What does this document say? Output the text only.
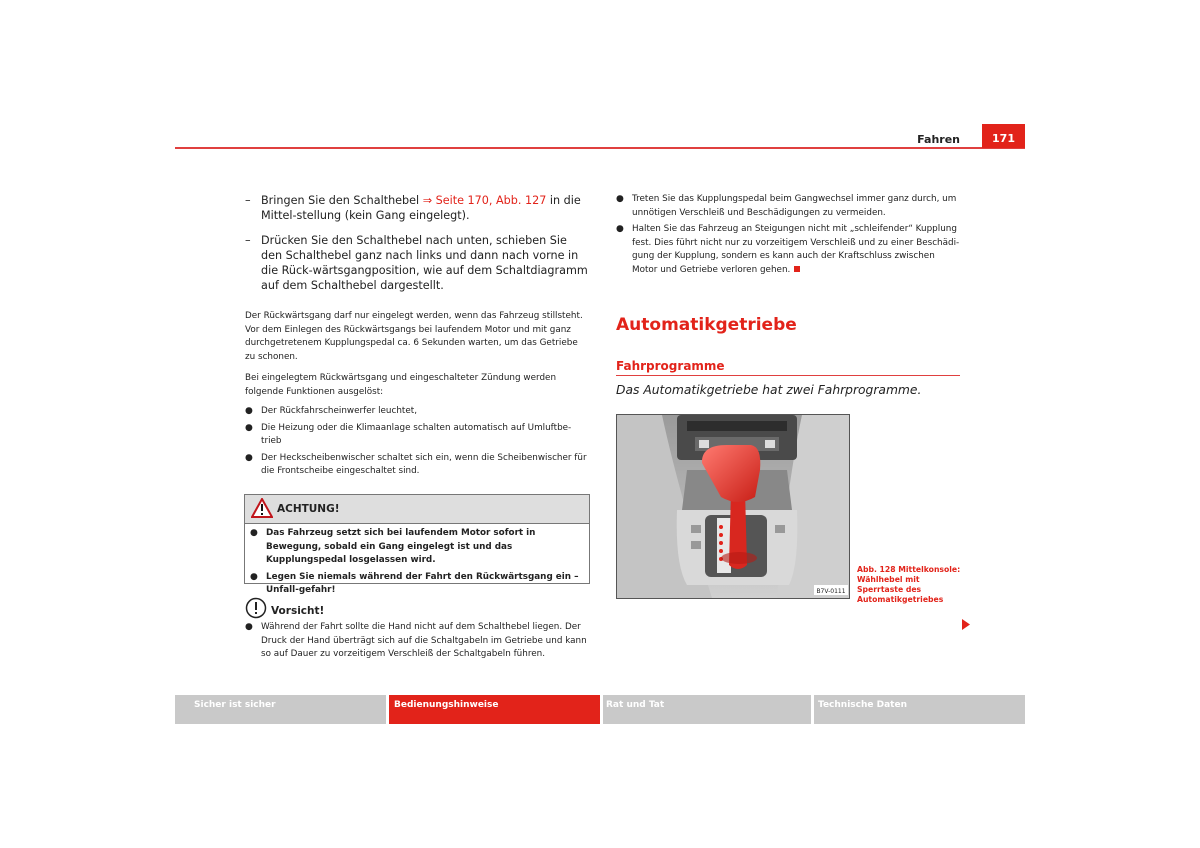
Fahren	171
– Bringen Sie den Schalthebel ⇒ Seite 170, Abb. 127 in die Mittel-stellung (kein Gang eingelegt).
– Drücken Sie den Schalthebel nach unten, schieben Sie den Schalthebel ganz nach links und dann nach vorne in die Rück-wärtsgangposition, wie auf dem Schaltdiagramm auf dem Schalthebel dargestellt.
Der Rückwärtsgang darf nur eingelegt werden, wenn das Fahrzeug stillsteht. Vor dem Einlegen des Rückwärtsgangs bei laufendem Motor und mit ganz durchgetretenem Kupplungspedal ca. 6 Sekunden warten, um das Getriebe zu schonen.
Bei eingelegtem Rückwärtsgang und eingeschalteter Zündung werden folgende Funktionen ausgelöst:
● Der Rückfahrscheinwerfer leuchtet,
● Die Heizung oder die Klimaanlage schalten automatisch auf Umluftbe-trieb
● Der Heckscheibenwischer schaltet sich ein, wenn die Scheibenwischer für die Frontscheibe eingeschaltet sind.
ACHTUNG!
● Das Fahrzeug setzt sich bei laufendem Motor sofort in Bewegung, sobald ein Gang eingelegt ist und das Kupplungspedal losgelassen wird.
● Legen Sie niemals während der Fahrt den Rückwärtsgang ein – Unfall-gefahr!
Vorsicht!
● Während der Fahrt sollte die Hand nicht auf dem Schalthebel liegen. Der Druck der Hand überträgt sich auf die Schaltgabeln im Getriebe und kann so auf Dauer zu vorzeitigem Verschleiß der Schaltgabeln führen.
● Treten Sie das Kupplungspedal beim Gangwechsel immer ganz durch, um unnötigen Verschleiß und Beschädigungen zu vermeiden.
● Halten Sie das Fahrzeug an Steigungen nicht mit „schleifender“ Kupplung fest. Dies führt nicht nur zu vorzeitigem Verschleiß und zu einer Beschädi-gung der Kupplung, sondern es kann auch der Kraftschluss zwischen Motor und Getriebe verloren gehen.
Automatikgetriebe
Fahrprogramme
Das Automatikgetriebe hat zwei Fahrprogramme.
B7V-0111
Abb. 128 Mittelkonsole: Wählhebel mit Sperrtaste des Automatikgetriebes
Sicher ist sicher	Bedienungshinweise	Rat und Tat	Technische Daten
